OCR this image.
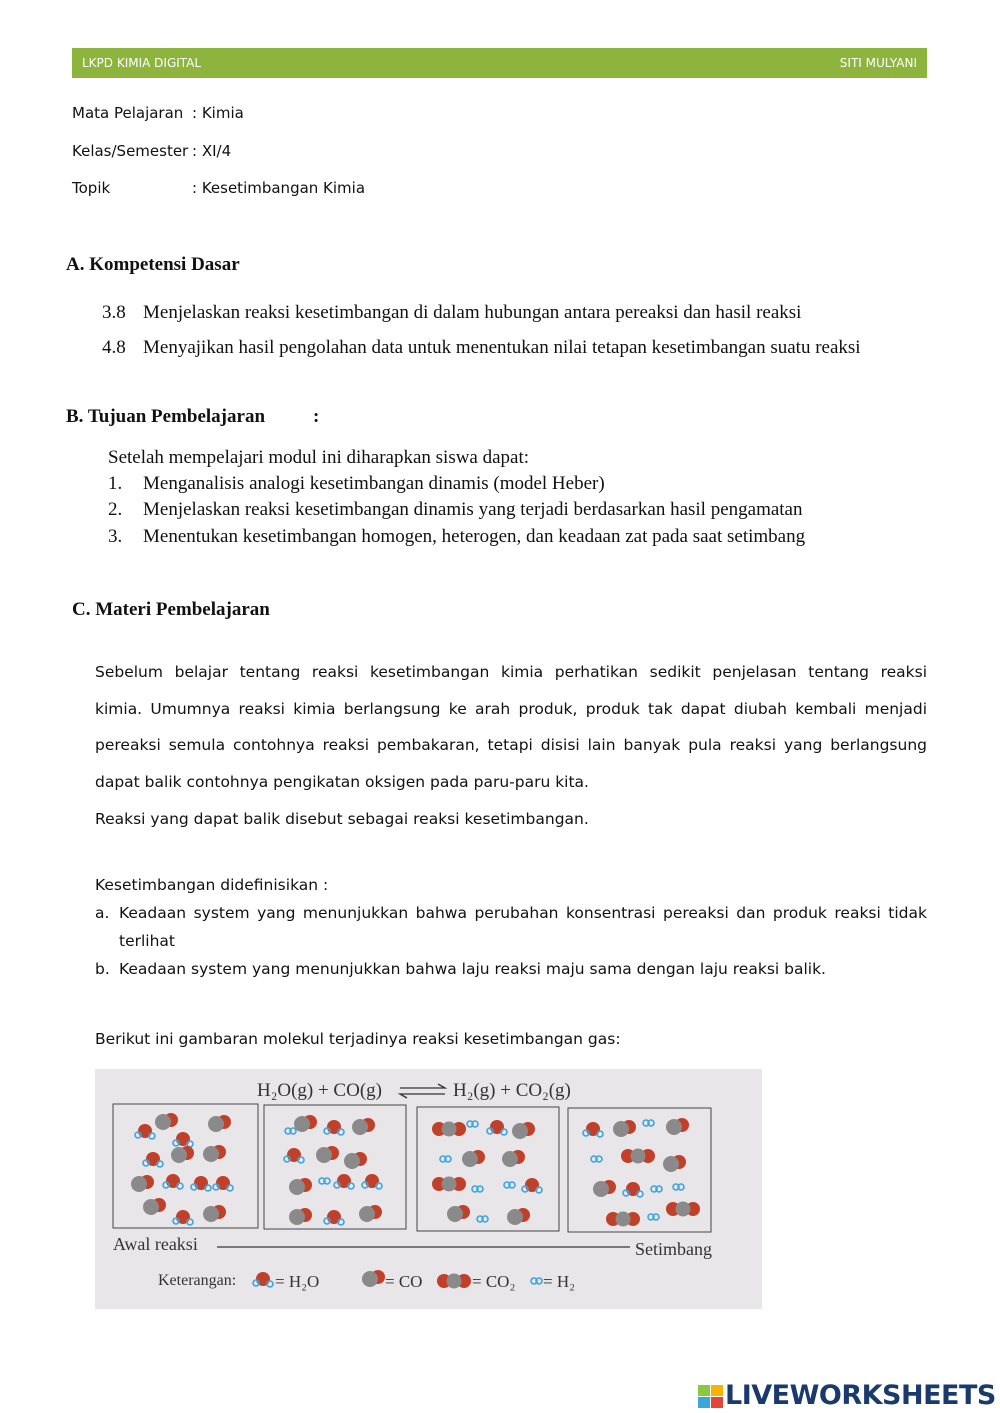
LKPD KIMIA DIGITAL	SITI MULYANI
Mata Pelajaran : Kimia
Kelas/Semester : XI/4
Topik	: Kesetimbangan Kimia
A. Kompetensi Dasar
3.8 Menjelaskan reaksi kesetimbangan di dalam hubungan antara pereaksi dan hasil reaksi
4.8 Menyajikan hasil pengolahan data untuk menentukan nilai tetapan kesetimbangan suatu reaksi
B. Tujuan Pembelajaran	:
Setelah mempelajari modul ini diharapkan siswa dapat:
1. Menganalisis analogi kesetimbangan dinamis (model Heber)
2. Menjelaskan reaksi kesetimbangan dinamis yang terjadi berdasarkan hasil pengamatan
3. Menentukan kesetimbangan homogen, heterogen, dan keadaan zat pada saat setimbang
C. Materi Pembelajaran
Sebelum belajar tentang reaksi kesetimbangan kimia perhatikan sedikit penjelasan tentang reaksi
kimia. Umumnya reaksi kimia berlangsung ke arah produk, produk tak dapat diubah kembali menjadi
pereaksi semula contohnya reaksi pembakaran, tetapi disisi lain banyak pula reaksi yang berlangsung
dapat balik contohnya pengikatan oksigen pada paru-paru kita.
Reaksi yang dapat balik disebut sebagai reaksi kesetimbangan.
Kesetimbangan didefinisikan :
a. Keadaan system yang menunjukkan bahwa perubahan konsentrasi pereaksi dan produk reaksi tidak
terlihat
b. Keadaan system yang menunjukkan bahwa laju reaksi maju sama dengan laju reaksi balik.
Berikut ini gambaran molekul terjadinya reaksi kesetimbangan gas:
H₂O(g) + CO(g)	H₂(g) + CO₂(g)
Awal reaksi	Setimbang
Keterangan: = H₂O	= CO	= CO₂ = H₂
LIVEWORKSHEETS
